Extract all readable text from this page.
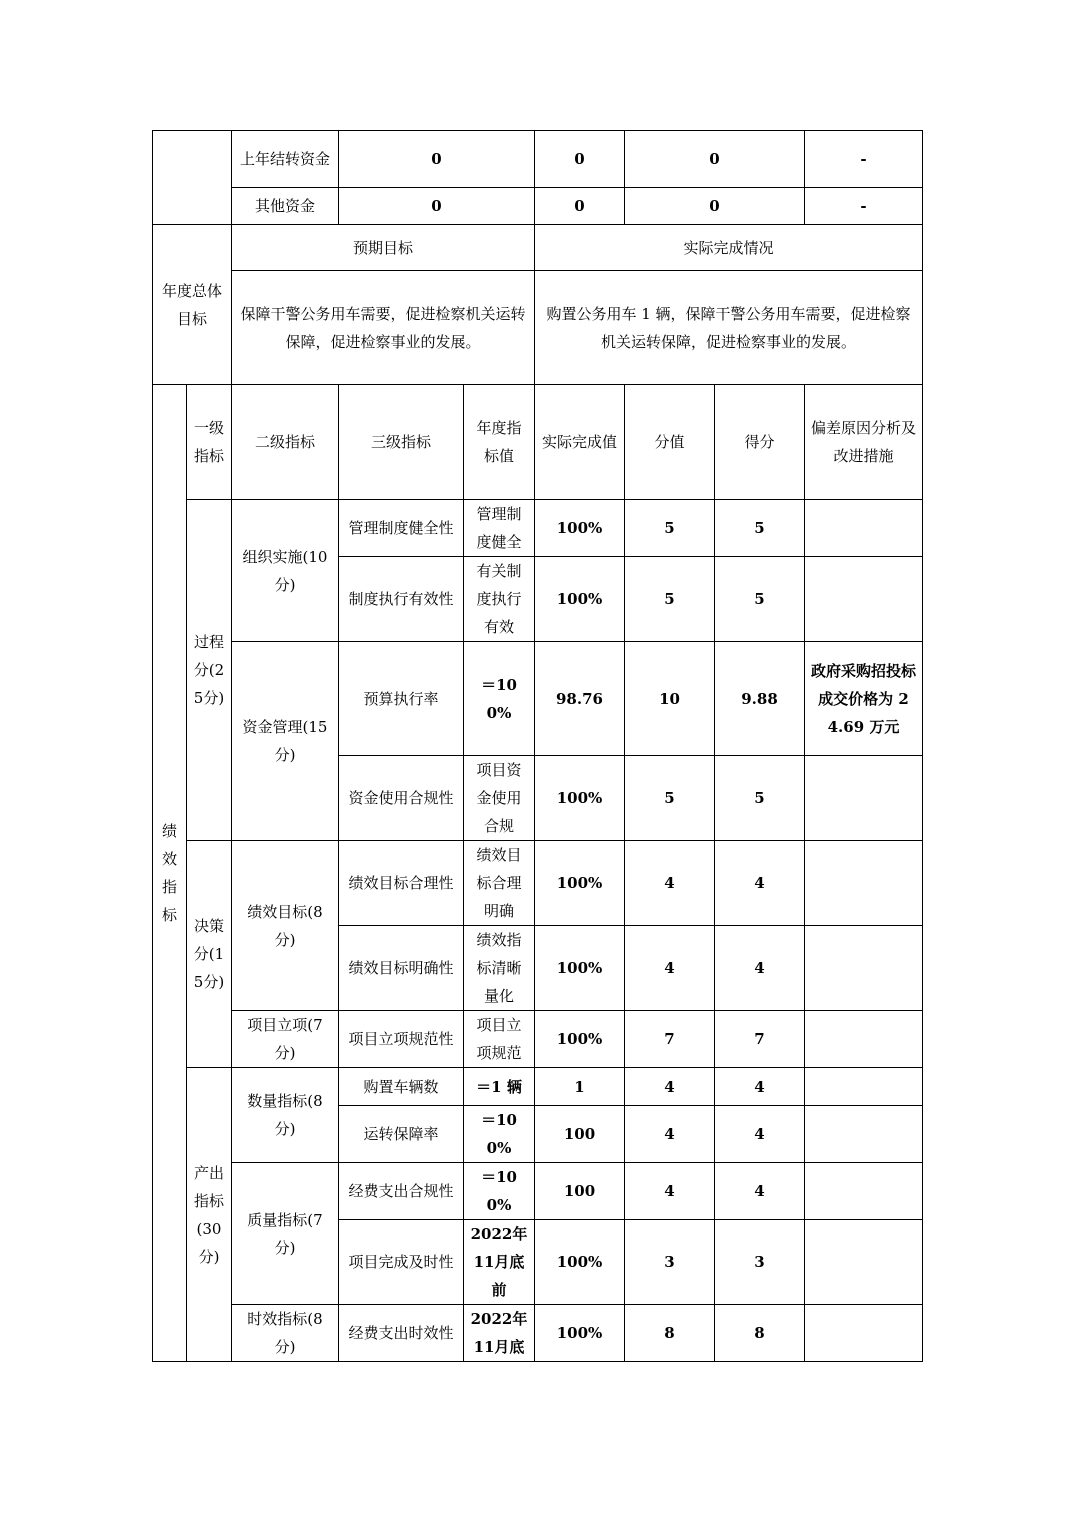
		上年结转资金	0		0	0		-
		其他资金	0		0	0		-
年度总体目标		预期目标			实际完成情况			
		保障干警公务用车需要，促进检察机关运转保障，促进检察事业的发展。			购置公务用车 1 辆，保障干警公务用车需要，促进检察机关运转保障，促进检察事业的发展。			
绩效指标	一级指标	二级指标	三级指标	年度指标值	实际完成值	分值	得分	偏差原因分析及改进措施
	过程分(25分)	组织实施(10 分)	管理制度健全性	管理制度健全	100%	5	5	
			制度执行有效性	有关制度执行有效	100%	5	5	
		资金管理(15 分)	预算执行率	＝100%	98.76	10	9.88	政府采购招投标成交价格为 24.69 万元
			资金使用合规性	项目资金使用合规	100%	5	5	
	决策分(15分)	绩效目标(8分)	绩效目标合理性	绩效目标合理明确	100%	4	4	
			绩效目标明确性	绩效指标清晰量化	100%	4	4	
		项目立项(7分)	项目立项规范性	项目立项规范	100%	7	7	
	产出指标(30分)	数量指标(8分)	购置车辆数	＝1 辆	1	4	4	
			运转保障率	＝100%	100	4	4	
		质量指标(7分)	经费支出合规性	＝100%	100	4	4	
			项目完成及时性	2022年11月底前	100%	3	3	
		时效指标(8分)	经费支出时效性	2022年11月底	100%	8	8	
